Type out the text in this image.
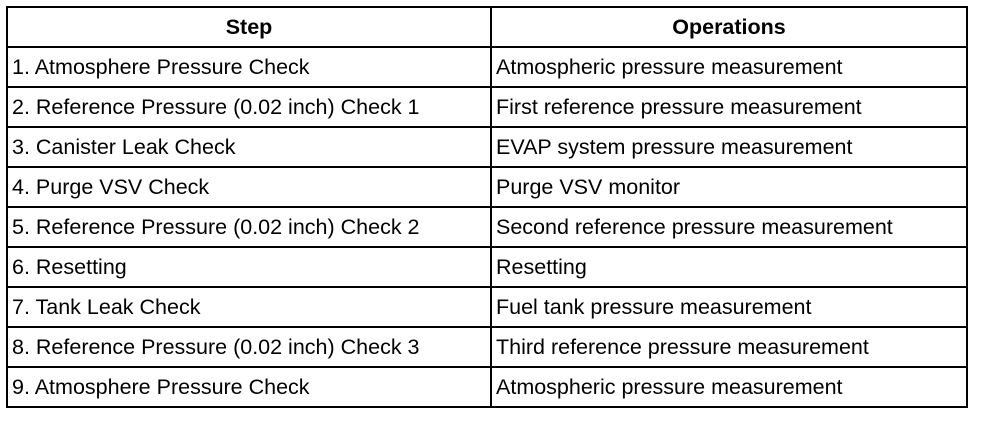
Step	Operations
1. Atmosphere Pressure Check	Atmospheric pressure measurement
2. Reference Pressure (0.02 inch) Check 1	First reference pressure measurement
3. Canister Leak Check	EVAP system pressure measurement
4. Purge VSV Check	Purge VSV monitor
5. Reference Pressure (0.02 inch) Check 2	Second reference pressure measurement
6. Resetting	Resetting
7. Tank Leak Check	Fuel tank pressure measurement
8. Reference Pressure (0.02 inch) Check 3	Third reference pressure measurement
9. Atmosphere Pressure Check	Atmospheric pressure measurement
